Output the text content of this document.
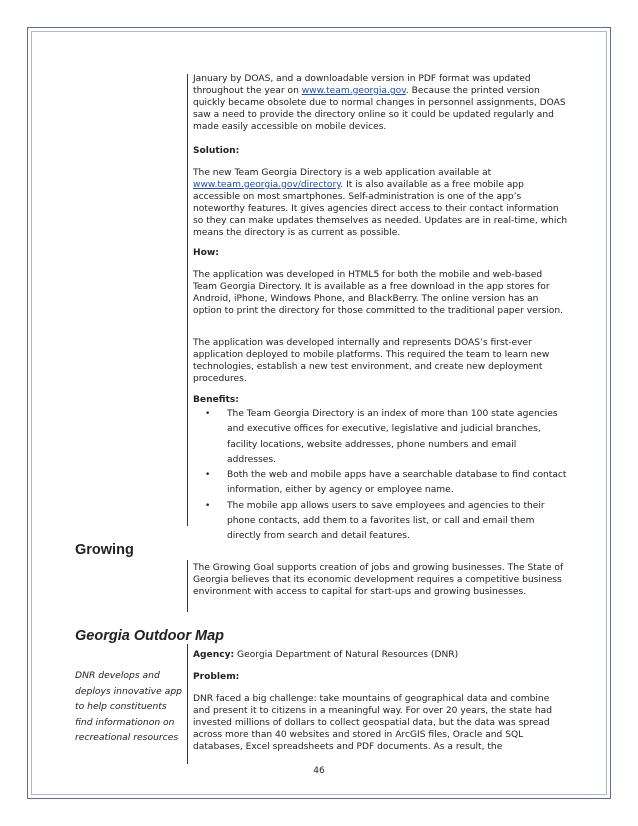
January by DOAS, and a downloadable version in PDF format was updated
throughout the year on www.team.georgia.gov. Because the printed version quickly became obsolete due to normal changes in personnel assignments, DOAS saw a need to provide the directory online so it could be updated regularly and made easily accessible on mobile devices.

Solution:

The new Team Georgia Directory is a web application available at
www.team.georgia.gov/directory. It is also available as a free mobile app accessible on most smartphones. Self-administration is one of the app’s noteworthy features. It gives agencies direct access to their contact information so they can make updates themselves as needed. Updates are in real-time, which means the directory is as current as possible.

How:

The application was developed in HTML5 for both the mobile and web-based Team Georgia Directory. It is available as a free download in the app stores for Android, iPhone, Windows Phone, and BlackBerry. The online version has an option to print the directory for those committed to the traditional paper version.

The application was developed internally and represents DOAS’s first-ever application deployed to mobile platforms. This required the team to learn new technologies, establish a new test environment, and create new deployment procedures.

Benefits:

• The Team Georgia Directory is an index of more than 100 state agencies and executive offices for executive, legislative and judicial branches, facility locations, website addresses, phone numbers and email addresses.
• Both the web and mobile apps have a searchable database to find contact information, either by agency or employee name.
• The mobile app allows users to save employees and agencies to their phone contacts, add them to a favorites list, or call and email them directly from search and detail features.
Growing

The Growing Goal supports creation of jobs and growing businesses. The State of Georgia believes that its economic development requires a competitive business environment with access to capital for start-ups and growing businesses.

Georgia Outdoor Map

Agency: Georgia Department of Natural Resources (DNR)

DNR develops and deploys innovative app to help constituents find informationon on recreational resources

Problem:

DNR faced a big challenge: take mountains of geographical data and combine and present it to citizens in a meaningful way. For over 20 years, the state had invested millions of dollars to collect geospatial data, but the data was spread across more than 40 websites and stored in ArcGIS files, Oracle and SQL databases, Excel spreadsheets and PDF documents. As a result, the

46
